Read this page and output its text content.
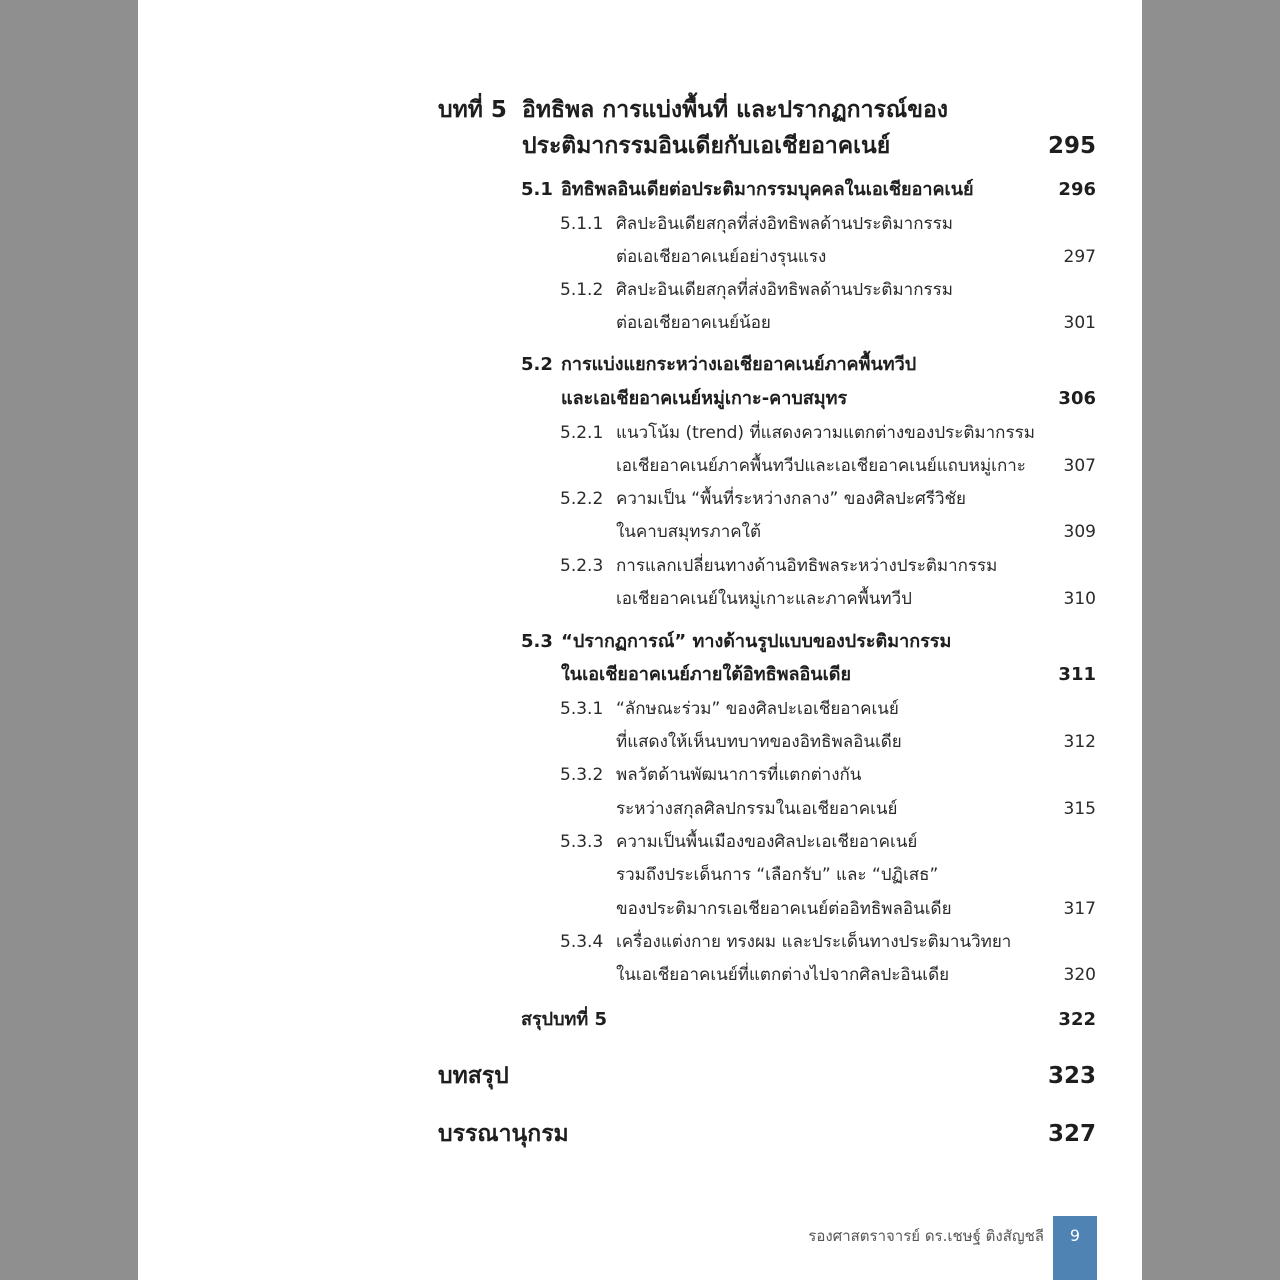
บทที่ 5 อิทธิพล การแบ่งพื้นที่ และปรากฏการณ์ของ
ประติมากรรมอินเดียกับเอเชียอาคเนย์	295
5.1 อิทธิพลอินเดียต่อประติมากรรมบุคคลในเอเชียอาคเนย์	296
5.1.1 ศิลปะอินเดียสกุลที่ส่งอิทธิพลด้านประติมากรรม
ต่อเอเชียอาคเนย์อย่างรุนแรง	297
5.1.2 ศิลปะอินเดียสกุลที่ส่งอิทธิพลด้านประติมากรรม
ต่อเอเชียอาคเนย์น้อย	301
5.2 การแบ่งแยกระหว่างเอเชียอาคเนย์ภาคพื้นทวีป
และเอเชียอาคเนย์หมู่เกาะ-คาบสมุทร	306
5.2.1 แนวโน้ม (trend) ที่แสดงความแตกต่างของประติมากรรม
เอเชียอาคเนย์ภาคพื้นทวีปและเอเชียอาคเนย์แถบหมู่เกาะ 307
5.2.2 ความเป็น “พื้นที่ระหว่างกลาง” ของศิลปะศรีวิชัย
ในคาบสมุทรภาคใต้	309
5.2.3 การแลกเปลี่ยนทางด้านอิทธิพลระหว่างประติมากรรม
เอเชียอาคเนย์ในหมู่เกาะและภาคพื้นทวีป	310
5.3 “ปรากฏการณ์” ทางด้านรูปแบบของประติมากรรม
ในเอเชียอาคเนย์ภายใต้อิทธิพลอินเดีย	311
5.3.1 “ลักษณะร่วม” ของศิลปะเอเชียอาคเนย์
ที่แสดงให้เห็นบทบาทของอิทธิพลอินเดีย	312
5.3.2 พลวัตด้านพัฒนาการที่แตกต่างกัน
ระหว่างสกุลศิลปกรรมในเอเชียอาคเนย์	315
5.3.3 ความเป็นพื้นเมืองของศิลปะเอเชียอาคเนย์
รวมถึงประเด็นการ “เลือกรับ” และ “ปฏิเสธ”
ของประติมากรเอเชียอาคเนย์ต่ออิทธิพลอินเดีย	317
5.3.4 เครื่องแต่งกาย ทรงผม และประเด็นทางประติมานวิทยา
ในเอเชียอาคเนย์ที่แตกต่างไปจากศิลปะอินเดีย	320
สรุปบทที่ 5	322
บทสรุป	323
บรรณานุกรม	327
รองศาสตราจารย์ ดร.เชษฐ์ ติงสัญชลี	9
